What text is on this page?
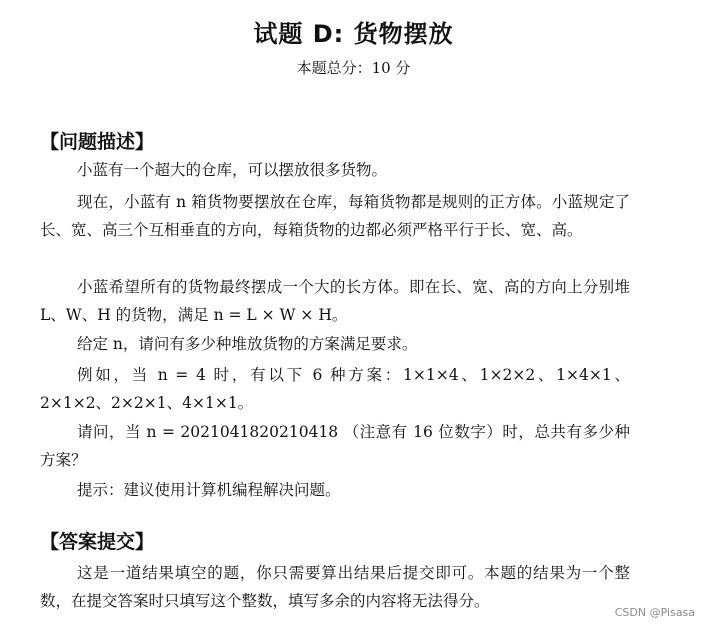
试题 D: 货物摆放
本题总分：10 分
【问题描述】
小蓝有一个超大的仓库，可以摆放很多货物。
现在，小蓝有 n 箱货物要摆放在仓库，每箱货物都是规则的正方体。小蓝规定了长、宽、高三个互相垂直的方向，每箱货物的边都必须严格平行于长、宽、高。
小蓝希望所有的货物最终摆成一个大的长方体。即在长、宽、高的方向上分别堆 L、W、H 的货物，满足 n = L × W × H。
给定 n，请问有多少种堆放货物的方案满足要求。
例如，当 n = 4 时，有以下 6 种方案：1×1×4、1×2×2、1×4×1、2×1×2、2×2×1、4×1×1。
请问，当 n = 2021041820210418 （注意有 16 位数字）时，总共有多少种方案？
提示：建议使用计算机编程解决问题。
【答案提交】
这是一道结果填空的题，你只需要算出结果后提交即可。本题的结果为一个整数，在提交答案时只填写这个整数，填写多余的内容将无法得分。
CSDN @Pisasa
